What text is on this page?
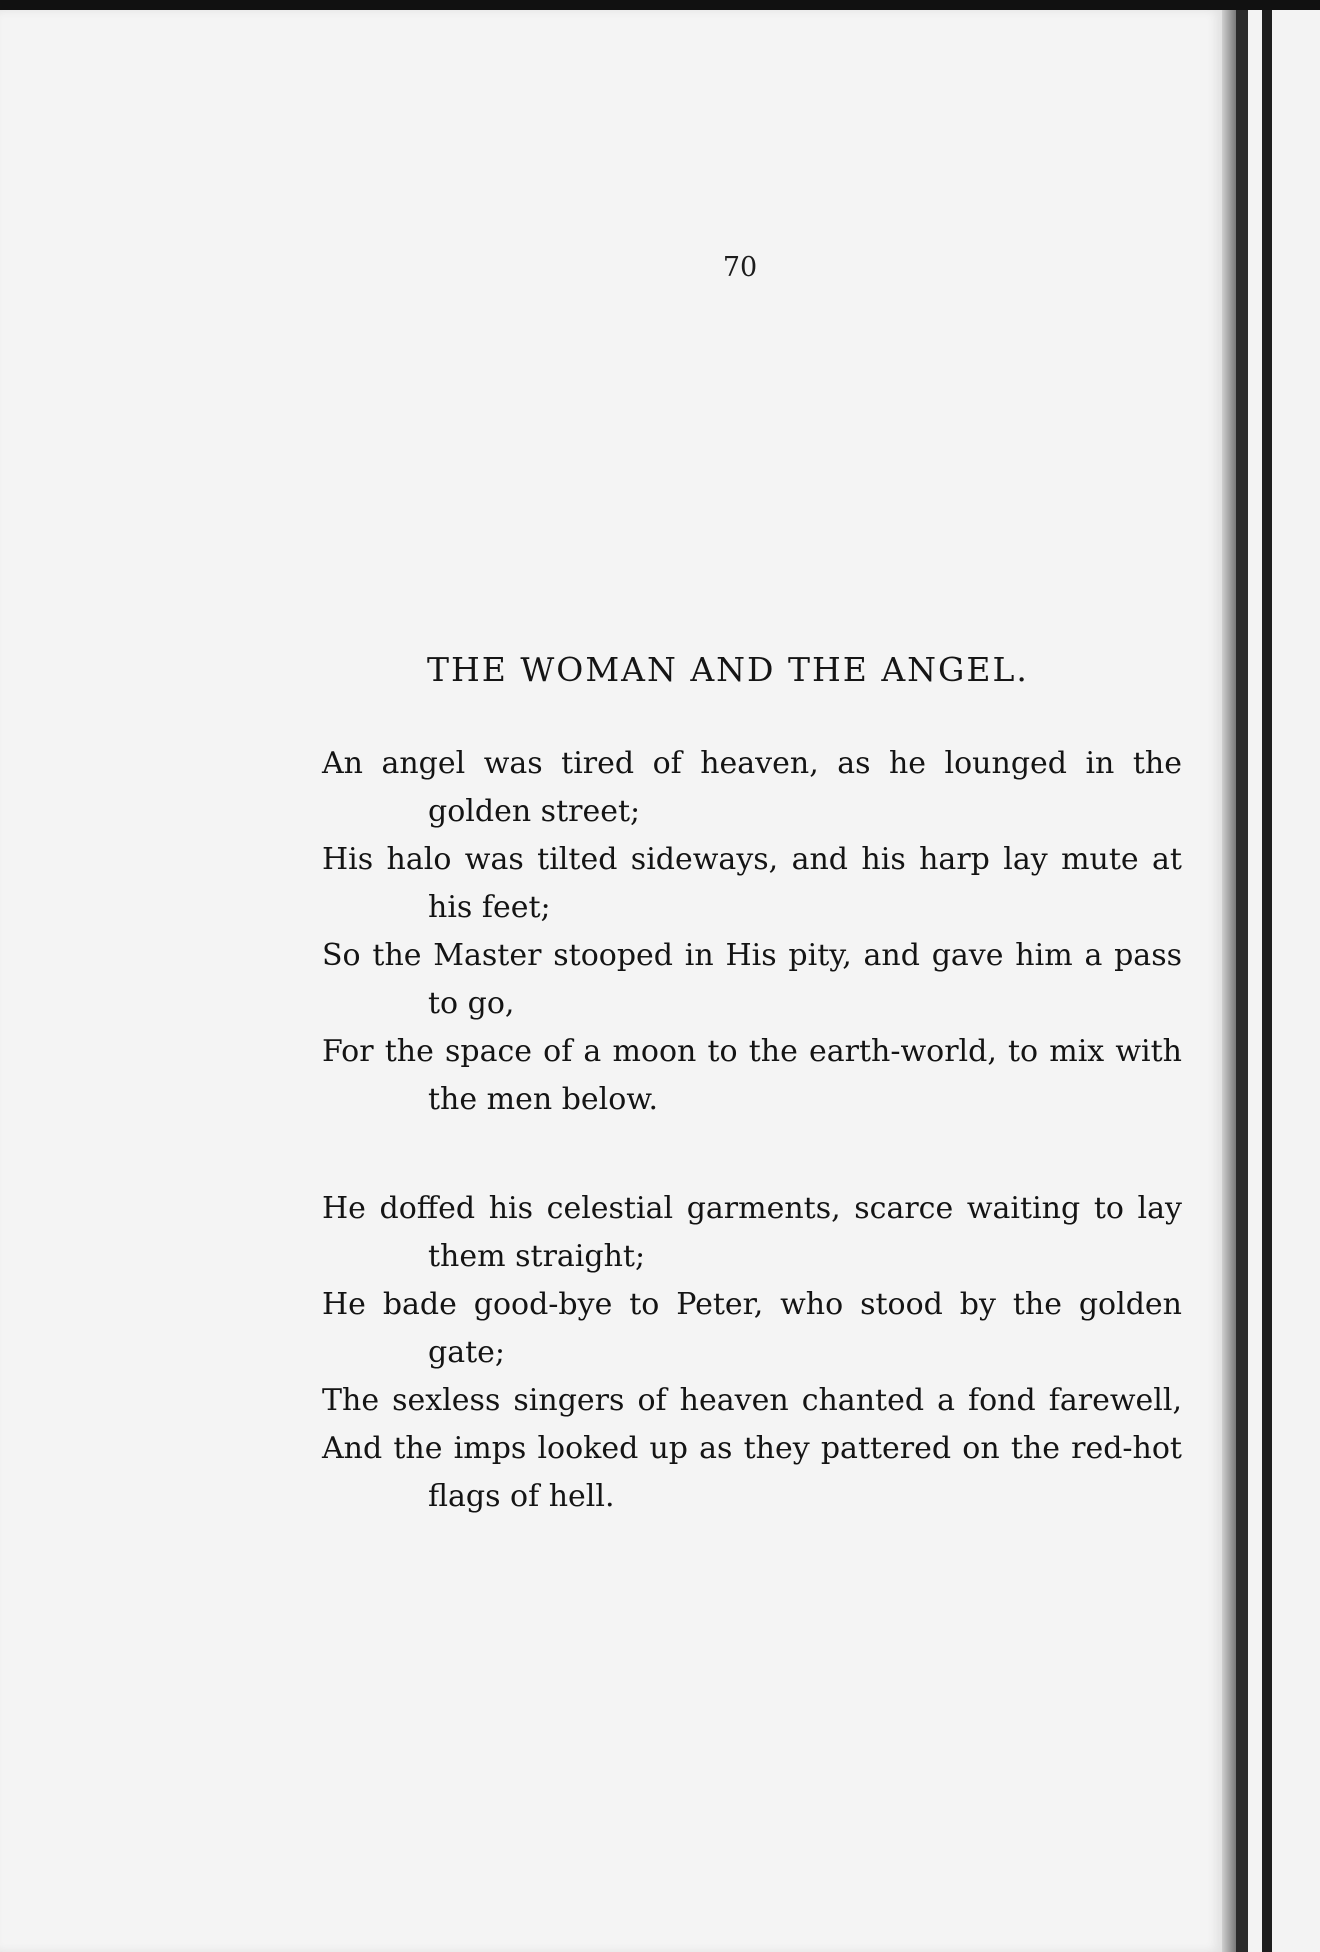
70
THE WOMAN AND THE ANGEL.
An angel was tired of heaven, as he lounged in the
golden street;
His halo was tilted sideways, and his harp lay mute at
his feet;
So the Master stooped in His pity, and gave him a pass
to go,
For the space of a moon to the earth-world, to mix with
the men below.
He doffed his celestial garments, scarce waiting to lay
them straight;
He bade good-bye to Peter, who stood by the golden
gate;
The sexless singers of heaven chanted a fond farewell,
And the imps looked up as they pattered on the red-hot
flags of hell.
